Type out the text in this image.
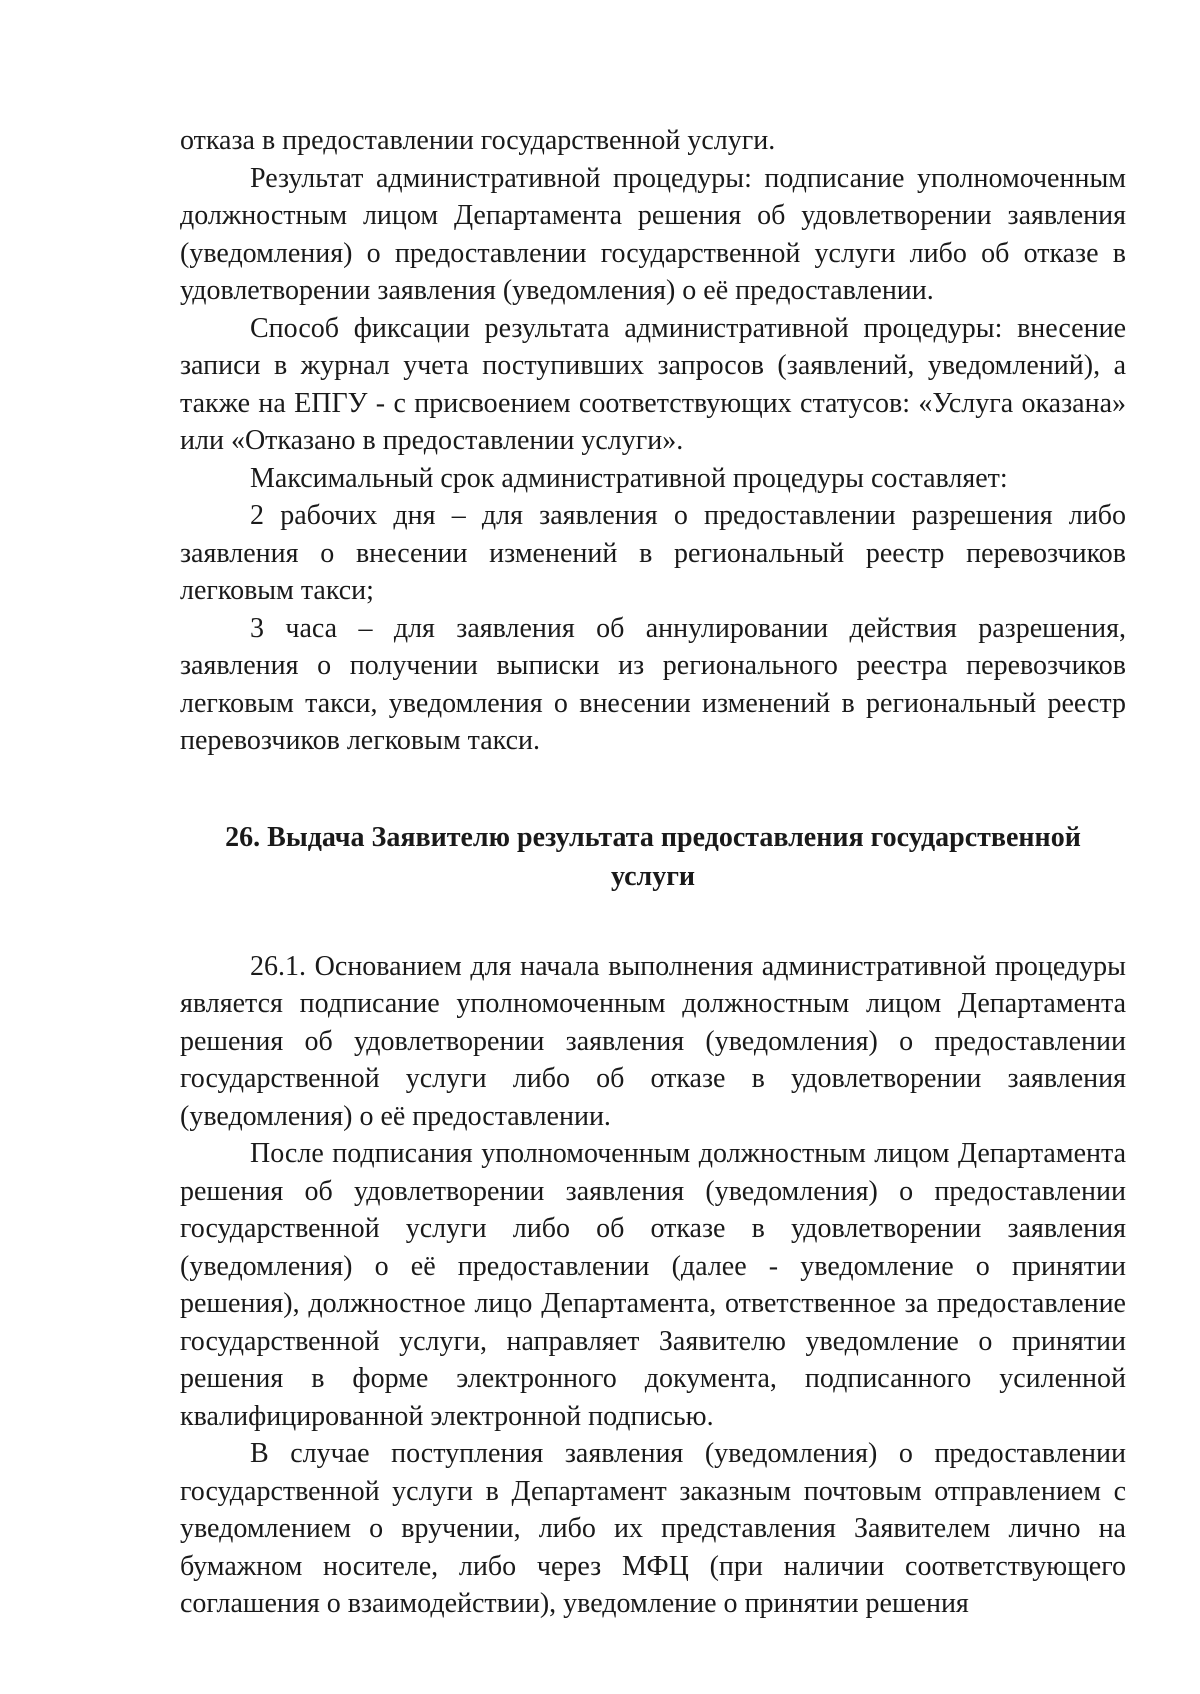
отказа в предоставлении государственной услуги.

Результат административной процедуры: подписание уполномоченным должностным лицом Департамента решения об удовлетворении заявления (уведомления) о предоставлении государственной услуги либо об отказе в удовлетворении заявления (уведомления) о её предоставлении.

Способ фиксации результата административной процедуры: внесение записи в журнал учета поступивших запросов (заявлений, уведомлений), а также на ЕПГУ - с присвоением соответствующих статусов: «Услуга оказана» или «Отказано в предоставлении услуги».

Максимальный срок административной процедуры составляет:

2 рабочих дня – для заявления о предоставлении разрешения либо заявления о внесении изменений в региональный реестр перевозчиков легковым такси;

3 часа – для заявления об аннулировании действия разрешения, заявления о получении выписки из регионального реестра перевозчиков легковым такси, уведомления о внесении изменений в региональный реестр перевозчиков легковым такси.

26. Выдача Заявителю результата предоставления государственной услуги

26.1. Основанием для начала выполнения административной процедуры является подписание уполномоченным должностным лицом Департамента решения об удовлетворении заявления (уведомления) о предоставлении государственной услуги либо об отказе в удовлетворении заявления (уведомления) о её предоставлении.

После подписания уполномоченным должностным лицом Департамента решения об удовлетворении заявления (уведомления) о предоставлении государственной услуги либо об отказе в удовлетворении заявления (уведомления) о её предоставлении (далее - уведомление о принятии решения), должностное лицо Департамента, ответственное за предоставление государственной услуги, направляет Заявителю уведомление о принятии решения в форме электронного документа, подписанного усиленной квалифицированной электронной подписью.

В случае поступления заявления (уведомления) о предоставлении государственной услуги в Департамент заказным почтовым отправлением с уведомлением о вручении, либо их представления Заявителем лично на бумажном носителе, либо через МФЦ (при наличии соответствующего соглашения о взаимодействии), уведомление о принятии решения
